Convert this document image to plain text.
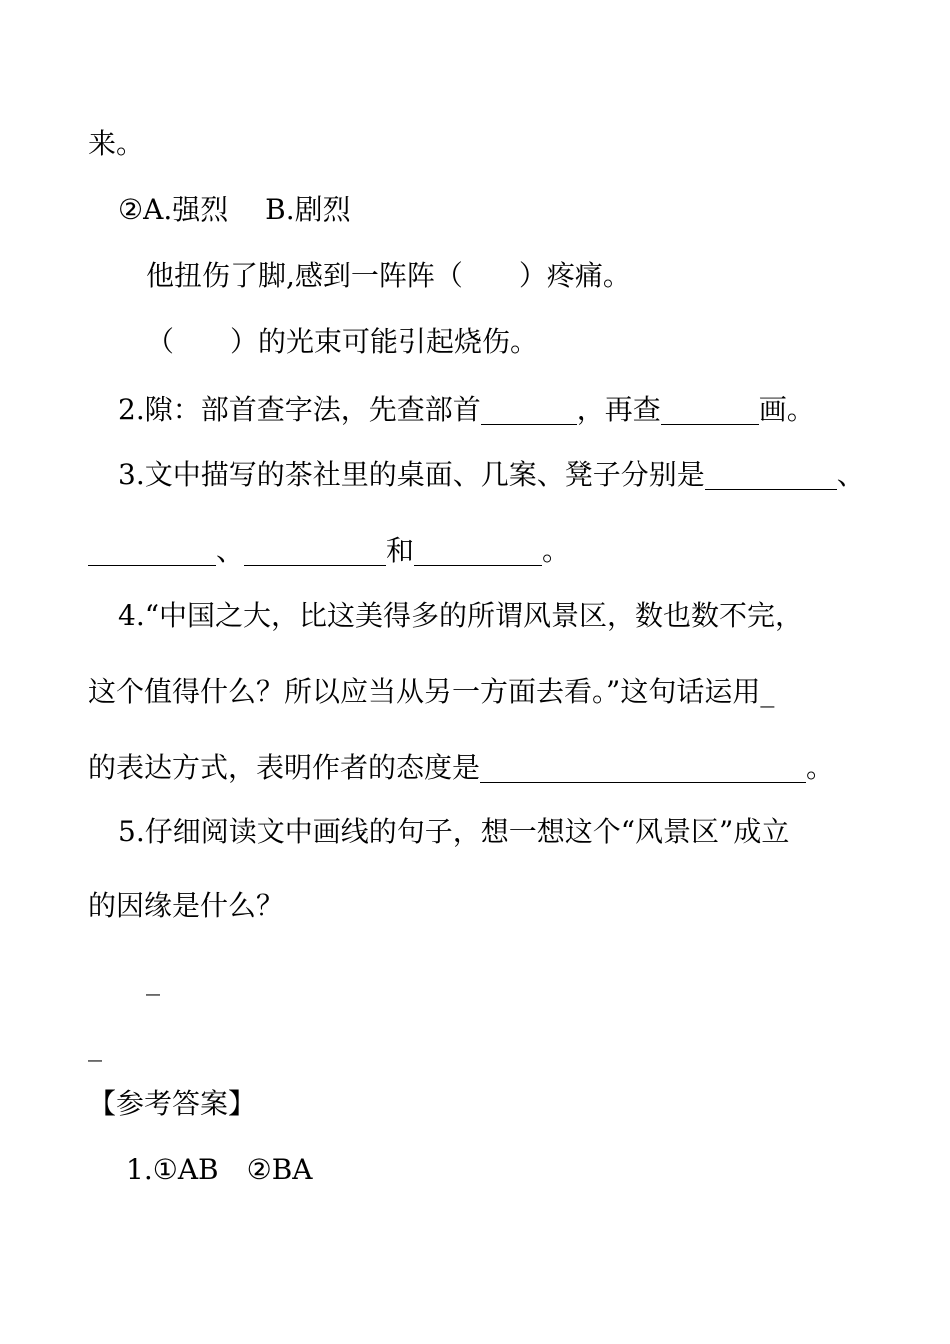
来。
②A.强烈　 B.剧烈
他扭伤了脚,感到一阵阵（ ）疼痛。
（ ）的光束可能引起烧伤。
2.隙：部首查字法，先查部首	，再查	画。
3.文中描写的茶社里的桌面、几案、凳子分别是	、
、	和	。
4.“中国之大，比这美得多的所谓风景区，数也数不完，
这个值得什么？所以应当从另一方面去看。”这句话运用_
的表达方式，表明作者的态度是	。
5.仔细阅读文中画线的句子，想一想这个“风景区”成立
的因缘是什么？
_
_
【参考答案】
1.①AB　②BA
